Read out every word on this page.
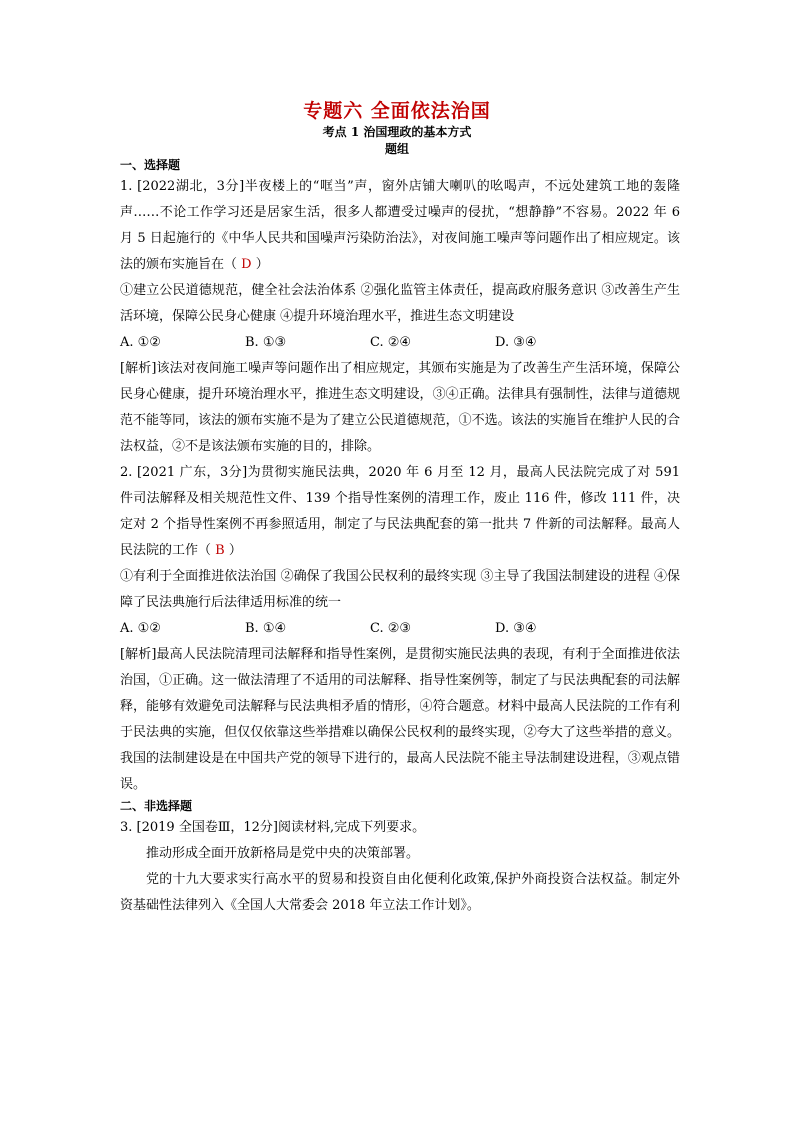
专题六 全面依法治国
考点 1 治国理政的基本方式
题组
一、选择题

1. [2022湖北，3分]半夜楼上的“哐当”声，窗外店铺大喇叭的吆喝声，不远处建筑工地的轰隆声……不论工作学习还是居家生活，很多人都遭受过噪声的侵扰，“想静静”不容易。2022 年 6 月 5 日起施行的《中华人民共和国噪声污染防治法》，对夜间施工噪声等问题作出了相应规定。该法的颁布实施旨在（ D ）

①建立公民道德规范，健全社会法治体系 ②强化监管主体责任，提高政府服务意识 ③改善生产生活环境，保障公民身心健康 ④提升环境治理水平，推进生态文明建设

A. ①②	B. ①③	C. ②④	D. ③④

[解析]该法对夜间施工噪声等问题作出了相应规定，其颁布实施是为了改善生产生活环境，保障公民身心健康，提升环境治理水平，推进生态文明建设，③④正确。法律具有强制性，法律与道德规范不能等同，该法的颁布实施不是为了建立公民道德规范，①不选。该法的实施旨在维护人民的合法权益，②不是该法颁布实施的目的，排除。

2. [2021 广东，3分]为贯彻实施民法典，2020 年 6 月至 12 月，最高人民法院完成了对 591 件司法解释及相关规范性文件、139 个指导性案例的清理工作，废止 116 件，修改 111 件，决定对 2 个指导性案例不再参照适用，制定了与民法典配套的第一批共 7 件新的司法解释。最高人民法院的工作（ B ）

①有利于全面推进依法治国 ②确保了我国公民权利的最终实现 ③主导了我国法制建设的进程 ④保障了民法典施行后法律适用标准的统一

A. ①②	B. ①④	C. ②③	D. ③④

[解析]最高人民法院清理司法解释和指导性案例，是贯彻实施民法典的表现，有利于全面推进依法治国，①正确。这一做法清理了不适用的司法解释、指导性案例等，制定了与民法典配套的司法解释，能够有效避免司法解释与民法典相矛盾的情形，④符合题意。材料中最高人民法院的工作有利于民法典的实施，但仅仅依靠这些举措难以确保公民权利的最终实现，②夸大了这些举措的意义。我国的法制建设是在中国共产党的领导下进行的，最高人民法院不能主导法制建设进程，③观点错误。

二、非选择题

3. [2019 全国卷Ⅲ，12分]阅读材料,完成下列要求。

推动形成全面开放新格局是党中央的决策部署。

党的十九大要求实行高水平的贸易和投资自由化便利化政策,保护外商投资合法权益。制定外资基础性法律列入《全国人大常委会 2018 年立法工作计划》。
